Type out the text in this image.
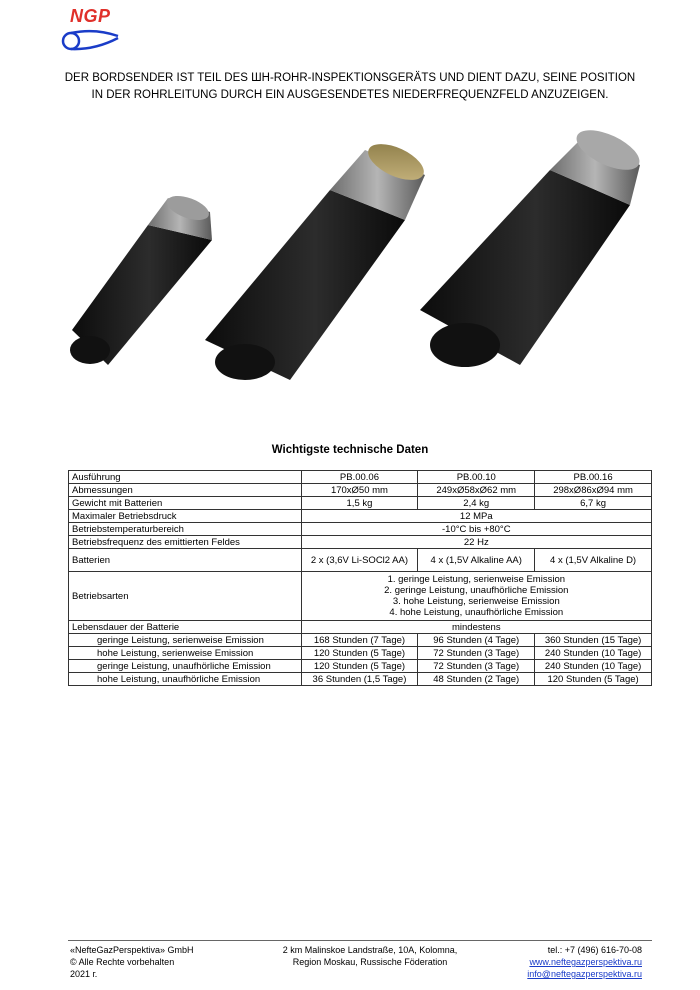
NGP
DER BORDSENDER IST TEIL DES ШН-ROHR-INSPEKTIONSGERÄTS UND DIENT DAZU, SEINE POSITION IN DER ROHRLEITUNG DURCH EIN AUSGESENDETES NIEDERFREQUENZFELD ANZUZEIGEN.
Wichtigste technische Daten
Ausführung	PB.00.06	PB.00.10	PB.00.16
Abmessungen	170xØ50 mm	249xØ58xØ62 mm	298xØ86xØ94 mm
Gewicht mit Batterien	1,5 kg	2,4 kg	6,7 kg
Maximaler Betriebsdruck	12 MPa		
Betriebstemperaturbereich	-10°C bis +80°C		
Betriebsfrequenz des emittierten Feldes	22 Hz		
Batterien	2 x (3,6V Li-SOCl2 AA)	4 x (1,5V Alkaline AA)	4 x (1,5V Alkaline D)
Betriebsarten	1. geringe Leistung, serienweise Emission
2. geringe Leistung, unaufhörliche Emission
3. hohe Leistung, serienweise Emission
4. hohe Leistung, unaufhörliche Emission		

Lebensdauer der Batterie	mindestens		
geringe Leistung, serienweise Emission	168 Stunden (7 Tage)	96 Stunden (4 Tage)	360 Stunden (15 Tage)
hohe Leistung, serienweise Emission	120 Stunden (5 Tage)	72 Stunden (3 Tage)	240 Stunden (10 Tage)
geringe Leistung, unaufhörliche Emission	120 Stunden (5 Tage)	72 Stunden (3 Tage)	240 Stunden (10 Tage)
hohe Leistung, unaufhörliche Emission	36 Stunden (1,5 Tage)	48 Stunden (2 Tage)	120 Stunden (5 Tage)
«NefteGazPerspektiva» GmbH
© Alle Rechte vorbehalten
2021 г.
2 km Malinskoe Landstraße, 10A, Kolomna,
Region Moskau, Russische Föderation
tel.: +7 (496) 616-70-08
www.neftegazperspektiva.ru
info@neftegazperspektiva.ru
